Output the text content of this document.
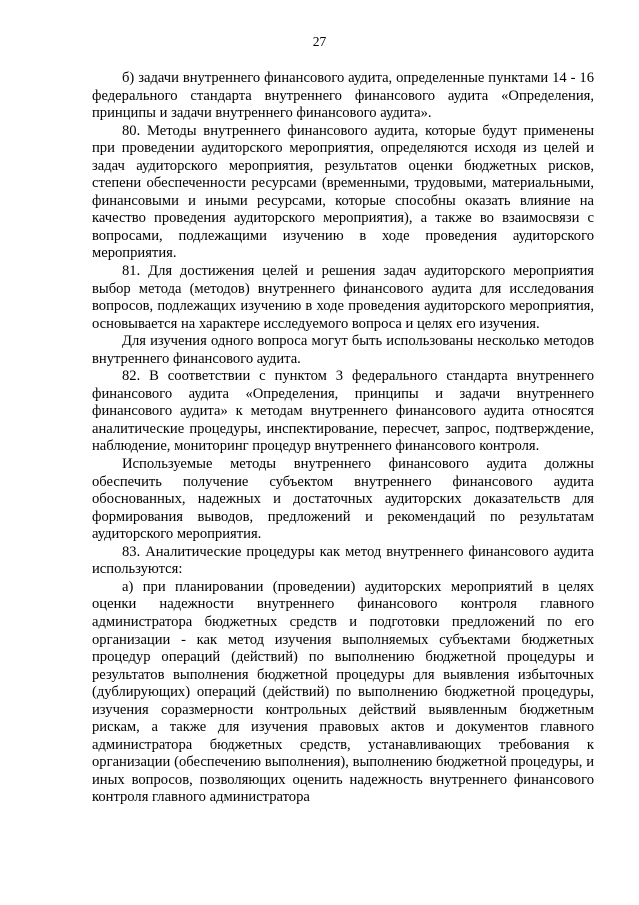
27

б) задачи внутреннего финансового аудита, определенные пунктами 14 - 16 федерального стандарта внутреннего финансового аудита «Определения, принципы и задачи внутреннего финансового аудита».

80. Методы внутреннего финансового аудита, которые будут применены при проведении аудиторского мероприятия, определяются исходя из целей и задач аудиторского мероприятия, результатов оценки бюджетных рисков, степени обеспеченности ресурсами (временными, трудовыми, материальными, финансовыми и иными ресурсами, которые способны оказать влияние на качество проведения аудиторского мероприятия), а также во взаимосвязи с вопросами, подлежащими изучению в ходе проведения аудиторского мероприятия.

81. Для достижения целей и решения задач аудиторского мероприятия выбор метода (методов) внутреннего финансового аудита для исследования вопросов, подлежащих изучению в ходе проведения аудиторского мероприятия, основывается на характере исследуемого вопроса и целях его изучения.

Для изучения одного вопроса могут быть использованы несколько методов внутреннего финансового аудита.

82. В соответствии с пунктом 3 федерального стандарта внутреннего финансового аудита «Определения, принципы и задачи внутреннего финансового аудита» к методам внутреннего финансового аудита относятся аналитические процедуры, инспектирование, пересчет, запрос, подтверждение, наблюдение, мониторинг процедур внутреннего финансового контроля.

Используемые методы внутреннего финансового аудита должны обеспечить получение субъектом внутреннего финансового аудита обоснованных, надежных и достаточных аудиторских доказательств для формирования выводов, предложений и рекомендаций по результатам аудиторского мероприятия.

83. Аналитические процедуры как метод внутреннего финансового аудита используются:

а) при планировании (проведении) аудиторских мероприятий в целях оценки надежности внутреннего финансового контроля главного администратора бюджетных средств и подготовки предложений по его организации - как метод изучения выполняемых субъектами бюджетных процедур операций (действий) по выполнению бюджетной процедуры и результатов выполнения бюджетной процедуры для выявления избыточных (дублирующих) операций (действий) по выполнению бюджетной процедуры, изучения соразмерности контрольных действий выявленным бюджетным рискам, а также для изучения правовых актов и документов главного администратора бюджетных средств, устанавливающих требования к организации (обеспечению выполнения), выполнению бюджетной процедуры, и иных вопросов, позволяющих оценить надежность внутреннего финансового контроля главного администратора
